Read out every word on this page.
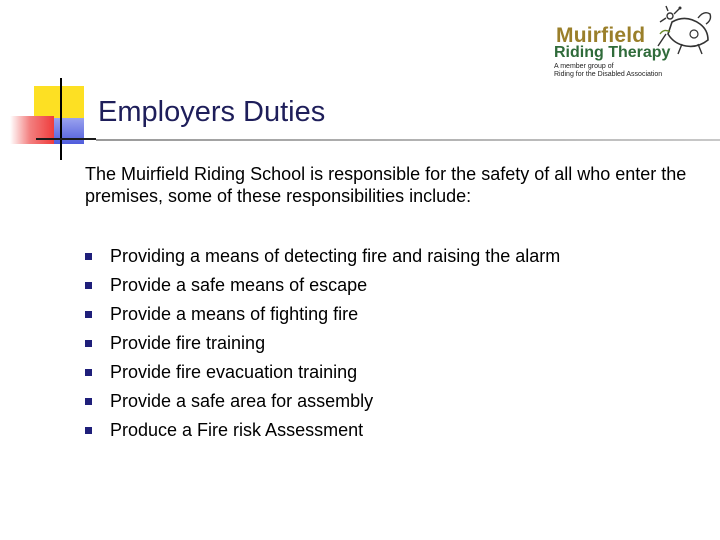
Employers Duties
Muirfield
Riding Therapy
A member group of
Riding for the Disabled Association
The Muirfield Riding School is responsible for the safety of all who enter the premises, some of these responsibilities include:
Providing a means of detecting fire and raising the alarm
Provide a safe means of escape
Provide a means of fighting fire
Provide fire training
Provide fire evacuation training
Provide a safe area for assembly
Produce a Fire risk Assessment
